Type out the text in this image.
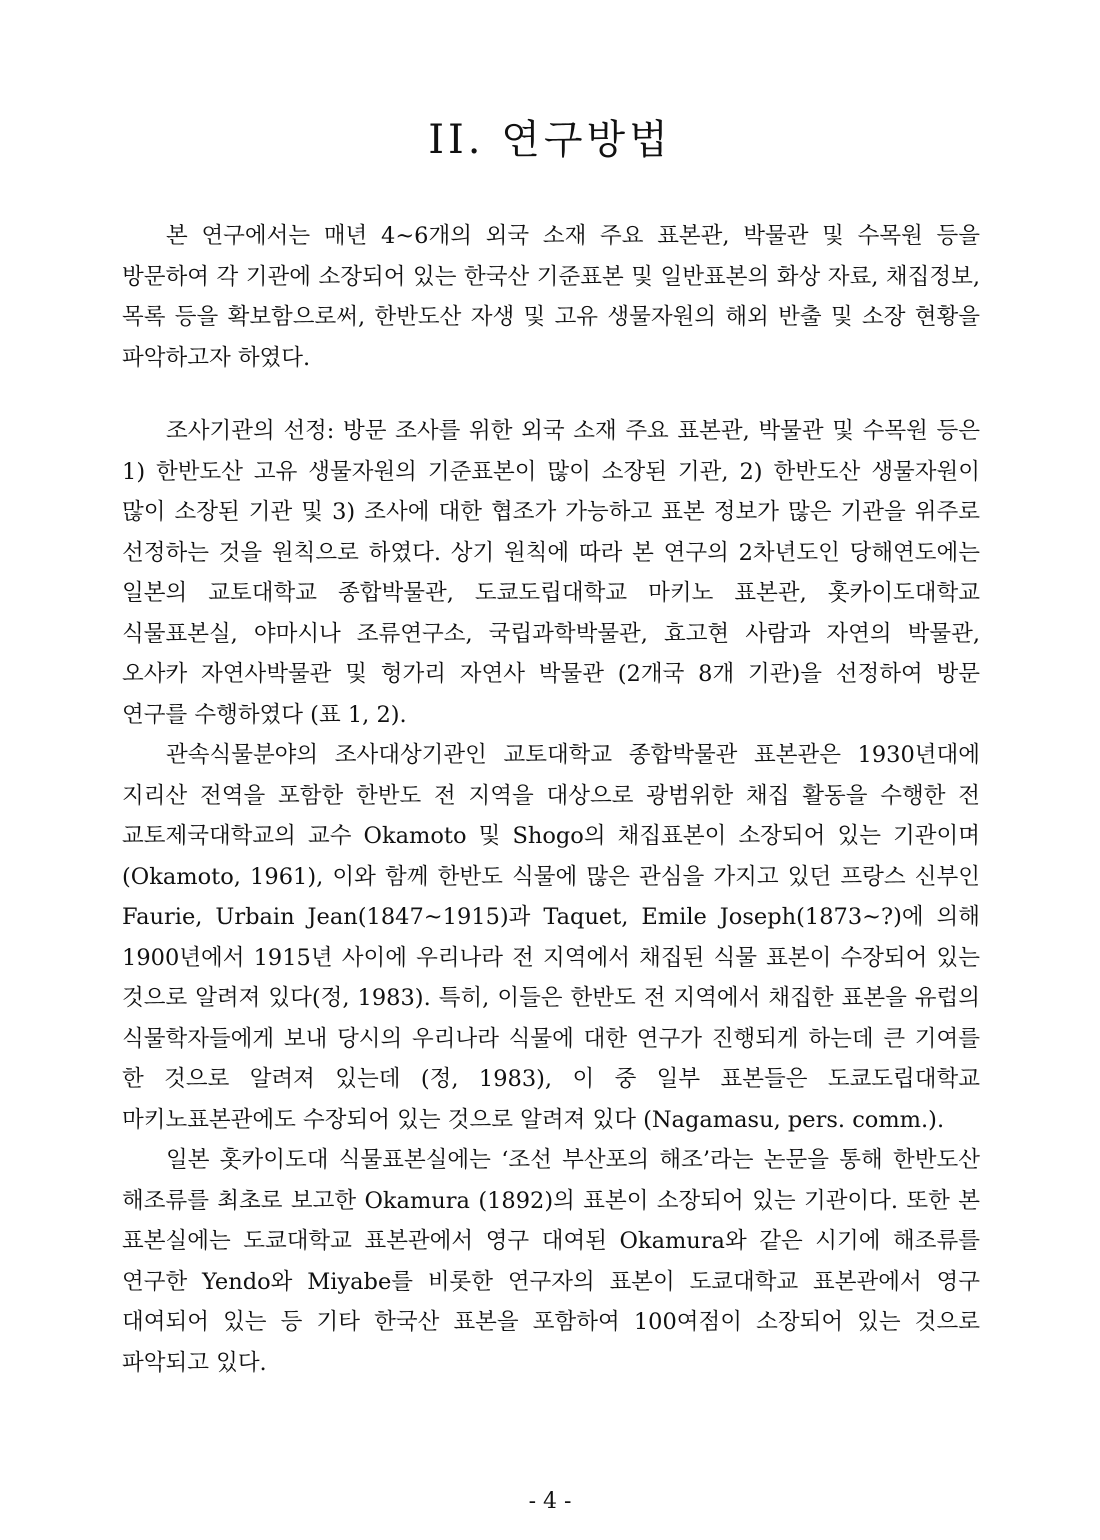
II. 연구방법

본 연구에서는 매년 4~6개의 외국 소재 주요 표본관, 박물관 및 수목원 등을 방문하여 각 기관에 소장되어 있는 한국산 기준표본 및 일반표본의 화상 자료, 채집정보, 목록 등을 확보함으로써, 한반도산 자생 및 고유 생물자원의 해외 반출 및 소장 현황을 파악하고자 하였다.

조사기관의 선정: 방문 조사를 위한 외국 소재 주요 표본관, 박물관 및 수목원 등은 1) 한반도산 고유 생물자원의 기준표본이 많이 소장된 기관, 2) 한반도산 생물자원이 많이 소장된 기관 및 3) 조사에 대한 협조가 가능하고 표본 정보가 많은 기관을 위주로 선정하는 것을 원칙으로 하였다. 상기 원칙에 따라 본 연구의 2차년도인 당해연도에는 일본의 교토대학교 종합박물관, 도쿄도립대학교 마키노 표본관, 홋카이도대학교 식물표본실, 야마시나 조류연구소, 국립과학박물관, 효고현 사람과 자연의 박물관, 오사카 자연사박물관 및 헝가리 자연사 박물관 (2개국 8개 기관)을 선정하여 방문 연구를 수행하였다 (표 1, 2).

관속식물분야의 조사대상기관인 교토대학교 종합박물관 표본관은 1930년대에 지리산 전역을 포함한 한반도 전 지역을 대상으로 광범위한 채집 활동을 수행한 전 교토제국대학교의 교수 Okamoto 및 Shogo의 채집표본이 소장되어 있는 기관이며(Okamoto, 1961), 이와 함께 한반도 식물에 많은 관심을 가지고 있던 프랑스 신부인 Faurie, Urbain Jean(1847~1915)과 Taquet, Emile Joseph(1873~?)에 의해 1900년에서 1915년 사이에 우리나라 전 지역에서 채집된 식물 표본이 수장되어 있는 것으로 알려져 있다(정, 1983). 특히, 이들은 한반도 전 지역에서 채집한 표본을 유럽의 식물학자들에게 보내 당시의 우리나라 식물에 대한 연구가 진행되게 하는데 큰 기여를 한 것으로 알려져 있는데 (정, 1983), 이 중 일부 표본들은 도쿄도립대학교 마키노표본관에도 수장되어 있는 것으로 알려져 있다 (Nagamasu, pers. comm.).

일본 홋카이도대 식물표본실에는 ‘조선 부산포의 해조’라는 논문을 통해 한반도산 해조류를 최초로 보고한 Okamura (1892)의 표본이 소장되어 있는 기관이다. 또한 본 표본실에는 도쿄대학교 표본관에서 영구 대여된 Okamura와 같은 시기에 해조류를 연구한 Yendo와 Miyabe를 비롯한 연구자의 표본이 도쿄대학교 표본관에서 영구 대여되어 있는 등 기타 한국산 표본을 포함하여 100여점이 소장되어 있는 것으로 파악되고 있다.

- 4 -
